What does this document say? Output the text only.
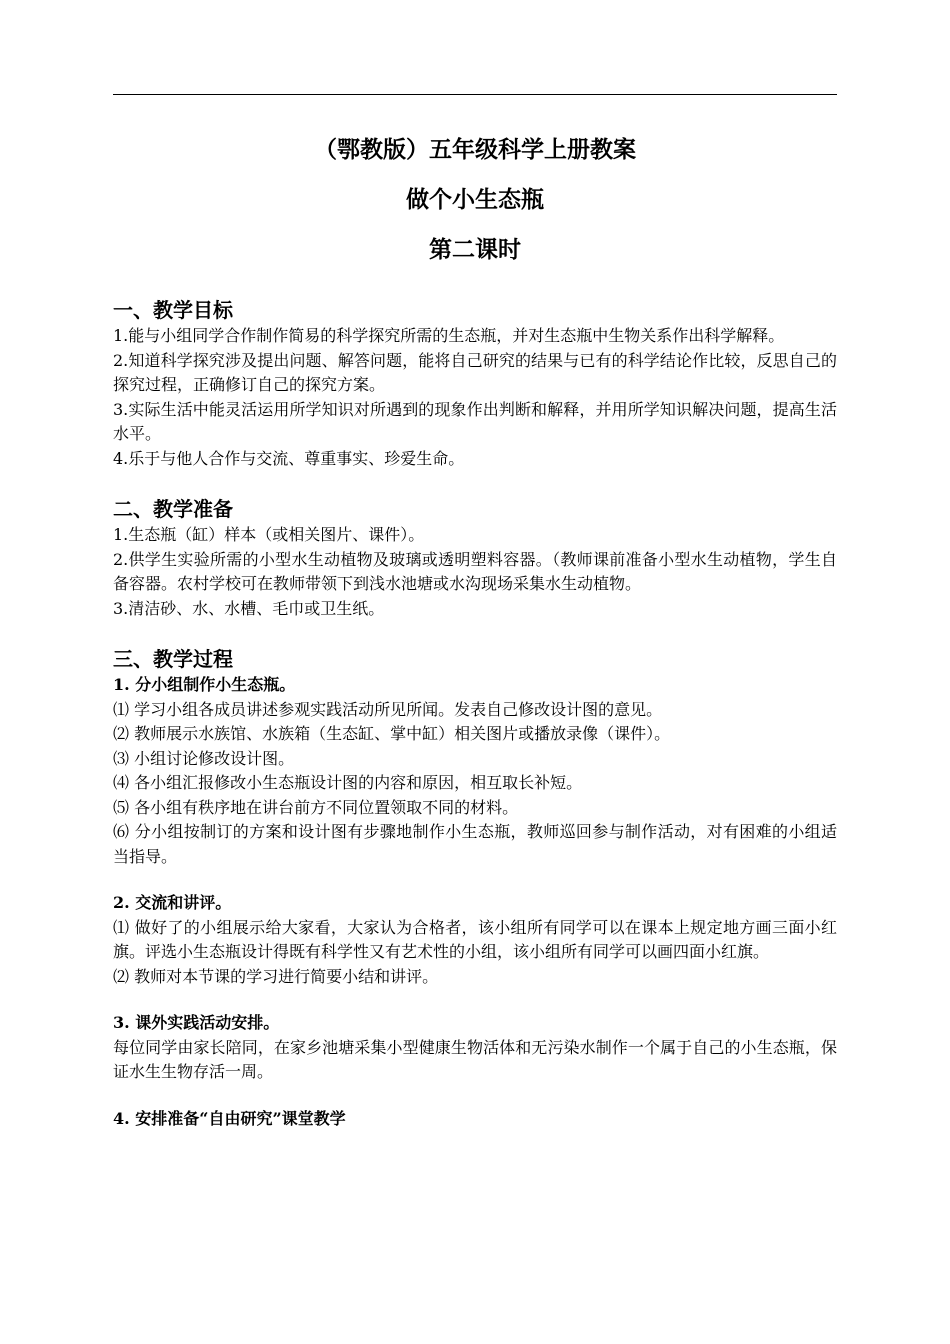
（鄂教版）五年级科学上册教案
做个小生态瓶
第二课时
一、教学目标

1.能与小组同学合作制作简易的科学探究所需的生态瓶，并对生态瓶中生物关系作出科学解释。

2.知道科学探究涉及提出问题、解答问题，能将自己研究的结果与已有的科学结论作比较，反思自己的探究过程，正确修订自己的探究方案。

3.实际生活中能灵活运用所学知识对所遇到的现象作出判断和解释，并用所学知识解决问题，提高生活水平。

4.乐于与他人合作与交流、尊重事实、珍爱生命。

二、教学准备

1.生态瓶（缸）样本（或相关图片、课件）。

2.供学生实验所需的小型水生动植物及玻璃或透明塑料容器。（教师课前准备小型水生动植物，学生自备容器。农村学校可在教师带领下到浅水池塘或水沟现场采集水生动植物。

3.清洁砂、水、水槽、毛巾或卫生纸。

三、教学过程
1. 分小组制作小生态瓶。

⑴ 学习小组各成员讲述参观实践活动所见所闻。发表自己修改设计图的意见。

⑵ 教师展示水族馆、水族箱（生态缸、掌中缸）相关图片或播放录像（课件）。

⑶ 小组讨论修改设计图。

⑷ 各小组汇报修改小生态瓶设计图的内容和原因，相互取长补短。

⑸ 各小组有秩序地在讲台前方不同位置领取不同的材料。

⑹ 分小组按制订的方案和设计图有步骤地制作小生态瓶，教师巡回参与制作活动，对有困难的小组适当指导。

2. 交流和讲评。

⑴ 做好了的小组展示给大家看，大家认为合格者，该小组所有同学可以在课本上规定地方画三面小红旗。评选小生态瓶设计得既有科学性又有艺术性的小组，该小组所有同学可以画四面小红旗。

⑵ 教师对本节课的学习进行简要小结和讲评。

3. 课外实践活动安排。

每位同学由家长陪同，在家乡池塘采集小型健康生物活体和无污染水制作一个属于自己的小生态瓶，保证水生生物存活一周。

4. 安排准备“自由研究”课堂教学
